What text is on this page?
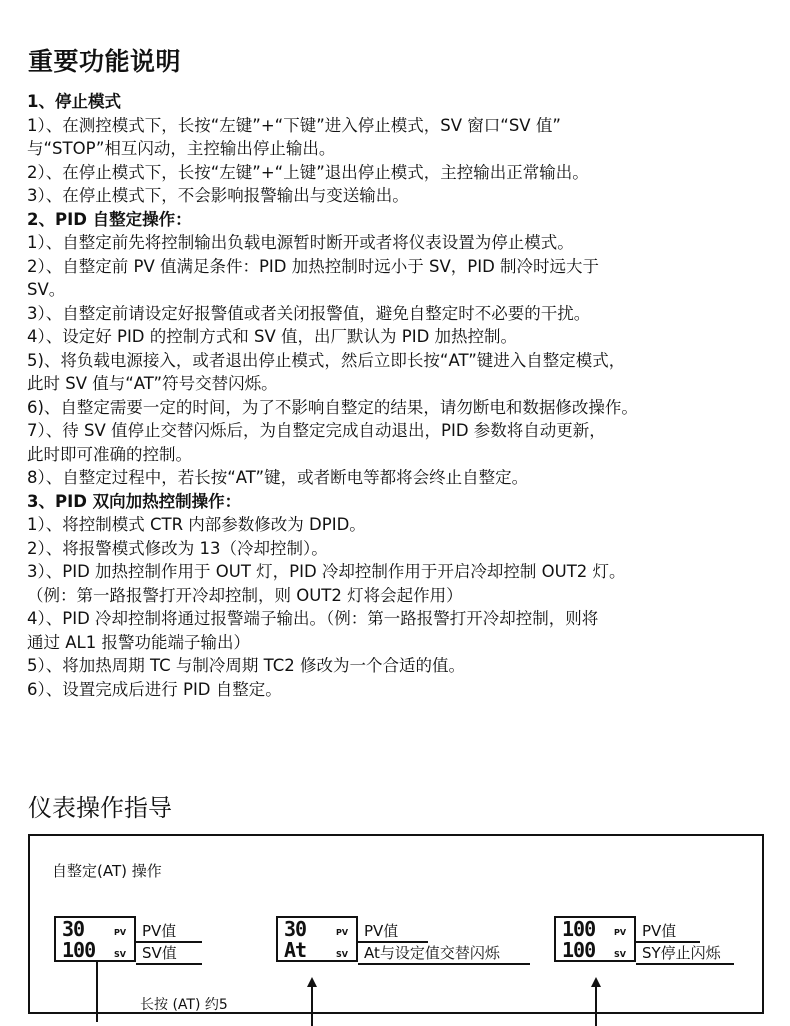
重要功能说明
1、停止模式
1）、在测控模式下，长按“左键”+“下键”进入停止模式，SV 窗口“SV 值”
与“STOP”相互闪动，主控输出停止输出。
2）、在停止模式下，长按“左键”+“上键”退出停止模式，主控输出正常输出。
3）、在停止模式下，不会影响报警输出与变送输出。
2、PID 自整定操作：
1）、自整定前先将控制输出负载电源暂时断开或者将仪表设置为停止模式。
2）、自整定前 PV 值满足条件：PID 加热控制时远小于 SV，PID 制冷时远大于
SV。
3）、自整定前请设定好报警值或者关闭报警值，避免自整定时不必要的干扰。
4）、设定好 PID 的控制方式和 SV 值，出厂默认为 PID 加热控制。
5)、将负载电源接入，或者退出停止模式，然后立即长按“AT”键进入自整定模式，
此时 SV 值与“AT”符号交替闪烁。
6)、自整定需要一定的时间，为了不影响自整定的结果，请勿断电和数据修改操作。
7）、待 SV 值停止交替闪烁后，为自整定完成自动退出，PID 参数将自动更新，
此时即可准确的控制。
8）、自整定过程中，若长按“AT”键，或者断电等都将会终止自整定。
3、PID 双向加热控制操作：
1）、将控制模式 CTR 内部参数修改为 DPID。
2）、将报警模式修改为 13（冷却控制）。
3）、PID 加热控制作用于 OUT 灯，PID 冷却控制作用于开启冷却控制 OUT2 灯。
（例：第一路报警打开冷却控制，则 OUT2 灯将会起作用）
4）、PID 冷却控制将通过报警端子输出。（例：第一路报警打开冷却控制，则将
通过 AL1 报警功能端子输出）
5）、将加热周期 TC 与制冷周期 TC2 修改为一个合适的值。
6）、设置完成后进行 PID 自整定。
仪表操作指导
自整定(AT) 操作
30
100
PV
SV
PV值
SV值
长按 (AT) 约5
30
At
PV
SV
PV值
At与设定值交替闪烁
100
100
PV
SV
PV值
SY停止闪烁
